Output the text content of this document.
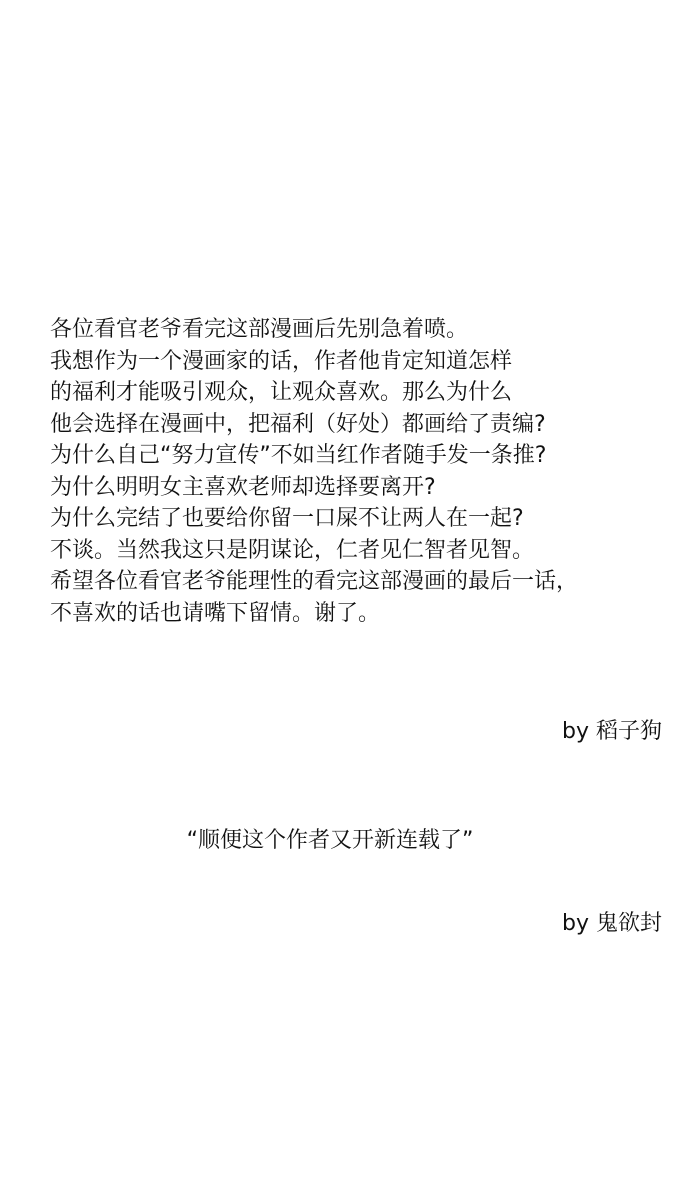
各位看官老爷看完这部漫画后先别急着喷。
我想作为一个漫画家的话，作者他肯定知道怎样
的福利才能吸引观众，让观众喜欢。那么为什么
他会选择在漫画中，把福利（好处）都画给了责编?
为什么自己“努力宣传”不如当红作者随手发一条推?
为什么明明女主喜欢老师却选择要离开?
为什么完结了也要给你留一口屎不让两人在一起?
不谈。当然我这只是阴谋论，仁者见仁智者见智。
希望各位看官老爷能理性的看完这部漫画的最后一话，
不喜欢的话也请嘴下留情。谢了。
by 稻子狗
“顺便这个作者又开新连载了”
by 鬼欲封
